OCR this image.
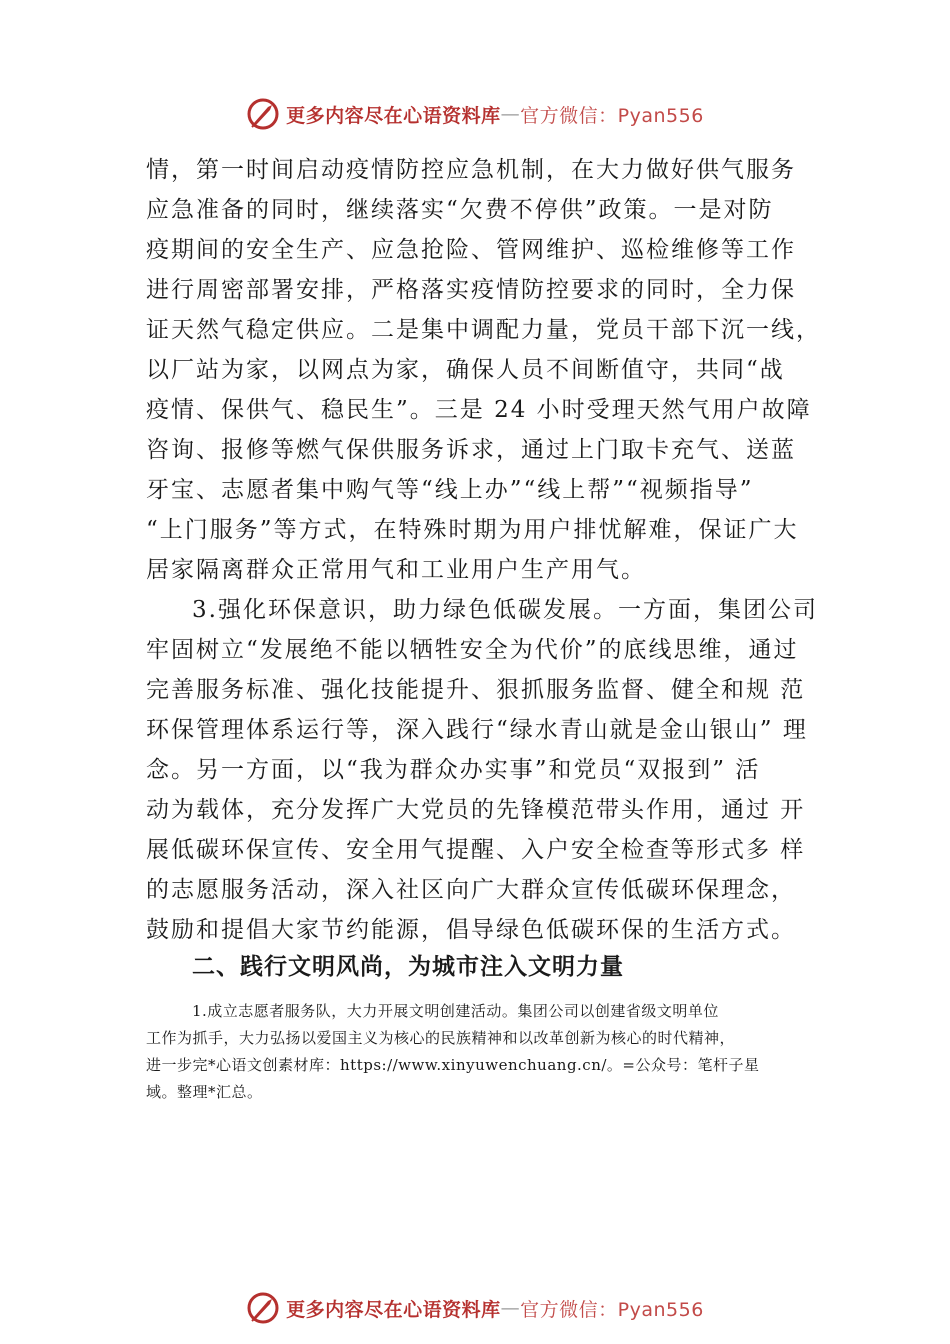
更多内容尽在心语资料库 — 官方微信：Pyan556
情，第一时间启动疫情防控应急机制，在大力做好供气服务
应急准备的同时，继续落实“欠费不停供”政策。一是对防
疫期间的安全生产、应急抢险、管网维护、巡检维修等工作
进行周密部署安排，严格落实疫情防控要求的同时，全力保
证天然气稳定供应。二是集中调配力量，党员干部下沉一线，
以厂站为家，以网点为家，确保人员不间断值守，共同“战
疫情、保供气、稳民生”。三是 24 小时受理天然气用户故障
咨询、报修等燃气保供服务诉求，通过上门取卡充气、送蓝
牙宝、志愿者集中购气等“线上办”“线上帮”“视频指导”
“上门服务”等方式，在特殊时期为用户排忧解难，保证广大
居家隔离群众正常用气和工业用户生产用气。
3.强化环保意识，助力绿色低碳发展。一方面，集团公司
牢固树立“发展绝不能以牺牲安全为代价”的底线思维，通过
完善服务标准、强化技能提升、狠抓服务监督、健全和规 范
环保管理体系运行等，深入践行“绿水青山就是金山银山” 理
念。另一方面，以“我为群众办实事”和党员“双报到” 活
动为载体，充分发挥广大党员的先锋模范带头作用，通过 开
展低碳环保宣传、安全用气提醒、入户安全检查等形式多 样
的志愿服务活动，深入社区向广大群众宣传低碳环保理念，
鼓励和提倡大家节约能源，倡导绿色低碳环保的生活方式。
二、践行文明风尚，为城市注入文明力量
1.成立志愿者服务队，大力开展文明创建活动。集团公司以创建省级文明单位
工作为抓手，大力弘扬以爱国主义为核心的民族精神和以改革创新为核心的时代精神，
进一步完*心语文创素材库：https://www.xinyuwenchuang.cn/。=公众号：笔杆子星
域。整理*汇总。
更多内容尽在心语资料库 — 官方微信：Pyan556
